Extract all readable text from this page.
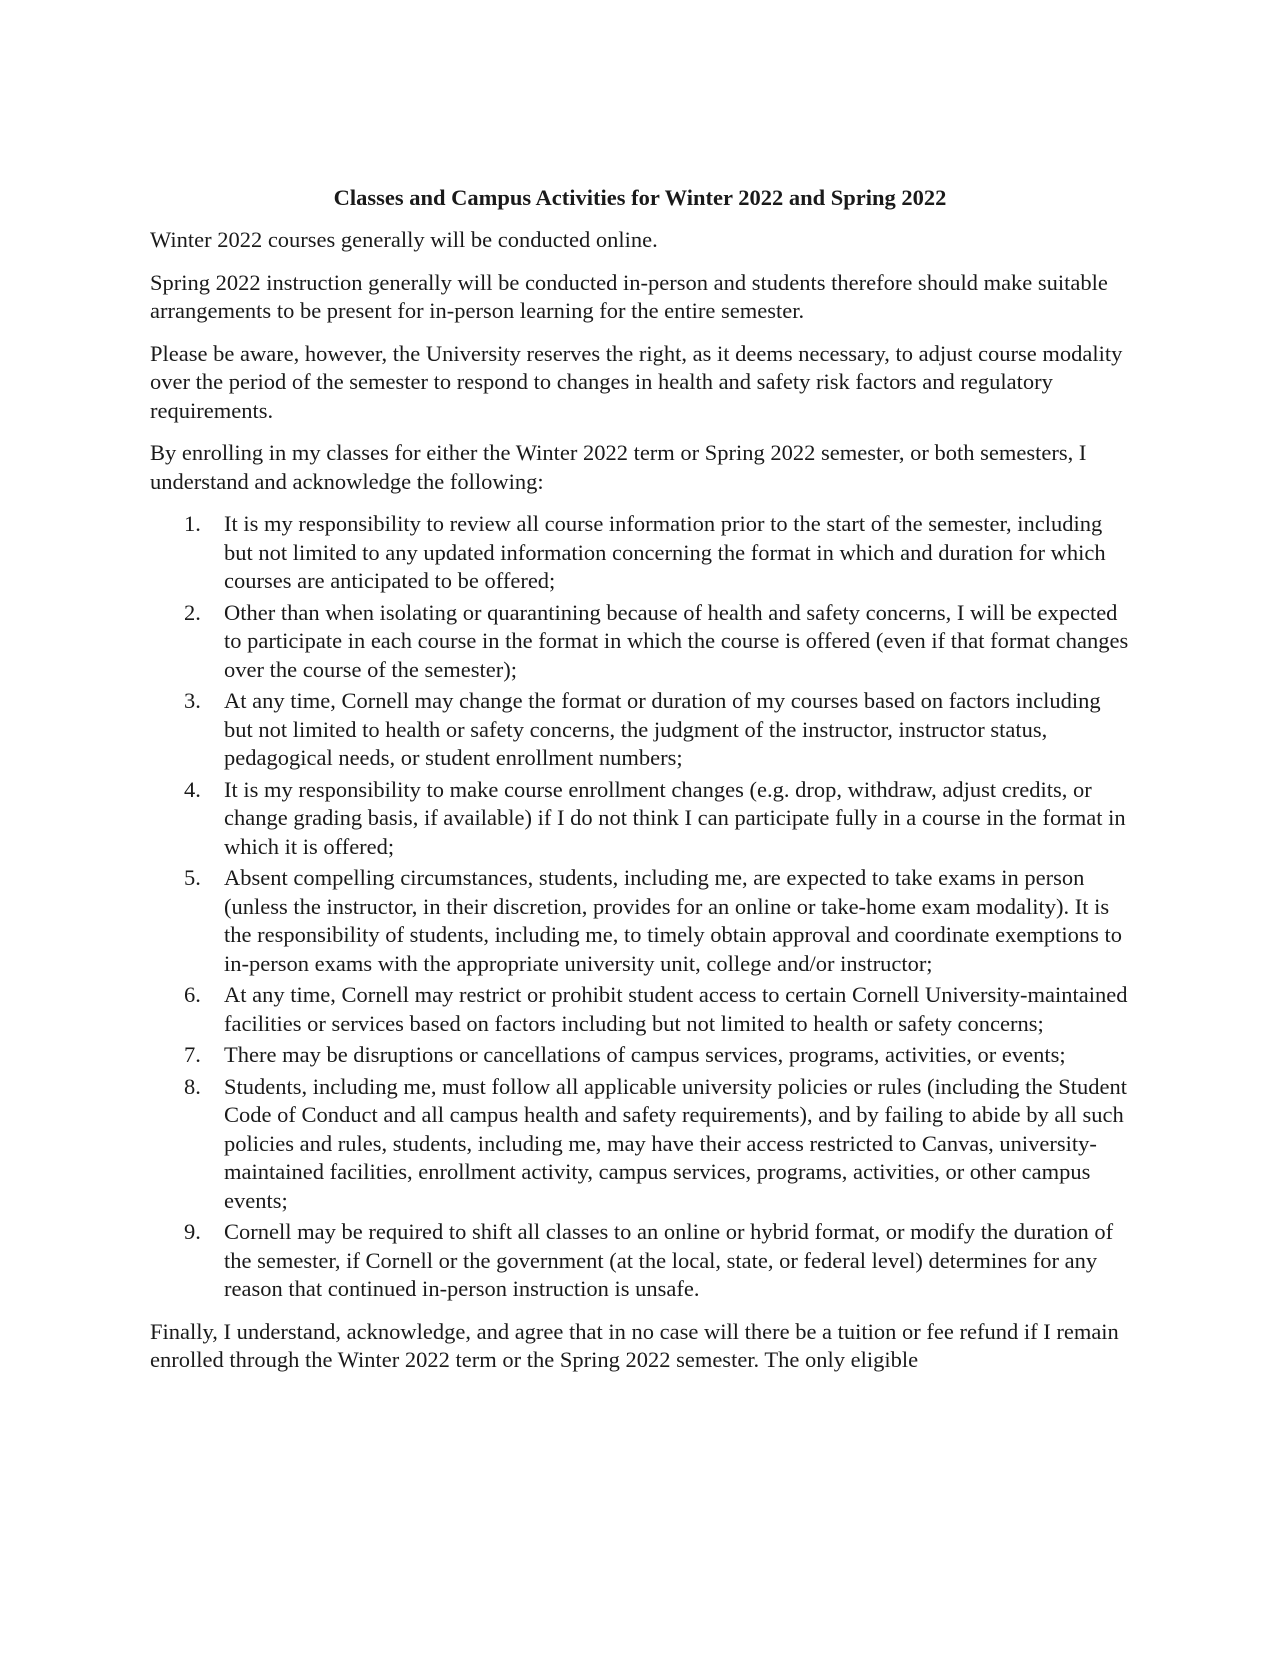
Classes and Campus Activities for Winter 2022 and Spring 2022

Winter 2022 courses generally will be conducted online.

Spring 2022 instruction generally will be conducted in-person and students therefore should make suitable arrangements to be present for in-person learning for the entire semester.

Please be aware, however, the University reserves the right, as it deems necessary, to adjust course modality over the period of the semester to respond to changes in health and safety risk factors and regulatory requirements.

By enrolling in my classes for either the Winter 2022 term or Spring 2022 semester, or both semesters, I understand and acknowledge the following:

1. It is my responsibility to review all course information prior to the start of the semester, including but not limited to any updated information concerning the format in which and duration for which courses are anticipated to be offered;
2. Other than when isolating or quarantining because of health and safety concerns, I will be expected to participate in each course in the format in which the course is offered (even if that format changes over the course of the semester);
3. At any time, Cornell may change the format or duration of my courses based on factors including but not limited to health or safety concerns, the judgment of the instructor, instructor status, pedagogical needs, or student enrollment numbers;
4. It is my responsibility to make course enrollment changes (e.g. drop, withdraw, adjust credits, or change grading basis, if available) if I do not think I can participate fully in a course in the format in which it is offered;
5. Absent compelling circumstances, students, including me, are expected to take exams in person (unless the instructor, in their discretion, provides for an online or take-home exam modality). It is the responsibility of students, including me, to timely obtain approval and coordinate exemptions to in-person exams with the appropriate university unit, college and/or instructor;
6. At any time, Cornell may restrict or prohibit student access to certain Cornell University-maintained facilities or services based on factors including but not limited to health or safety concerns;
7. There may be disruptions or cancellations of campus services, programs, activities, or events;
8. Students, including me, must follow all applicable university policies or rules (including the Student Code of Conduct and all campus health and safety requirements), and by failing to abide by all such policies and rules, students, including me, may have their access restricted to Canvas, university- maintained facilities, enrollment activity, campus services, programs, activities, or other campus events;
9. Cornell may be required to shift all classes to an online or hybrid format, or modify the duration of the semester, if Cornell or the government (at the local, state, or federal level) determines for any reason that continued in-person instruction is unsafe.

Finally, I understand, acknowledge, and agree that in no case will there be a tuition or fee refund if I remain enrolled through the Winter 2022 term or the Spring 2022 semester. The only eligible
